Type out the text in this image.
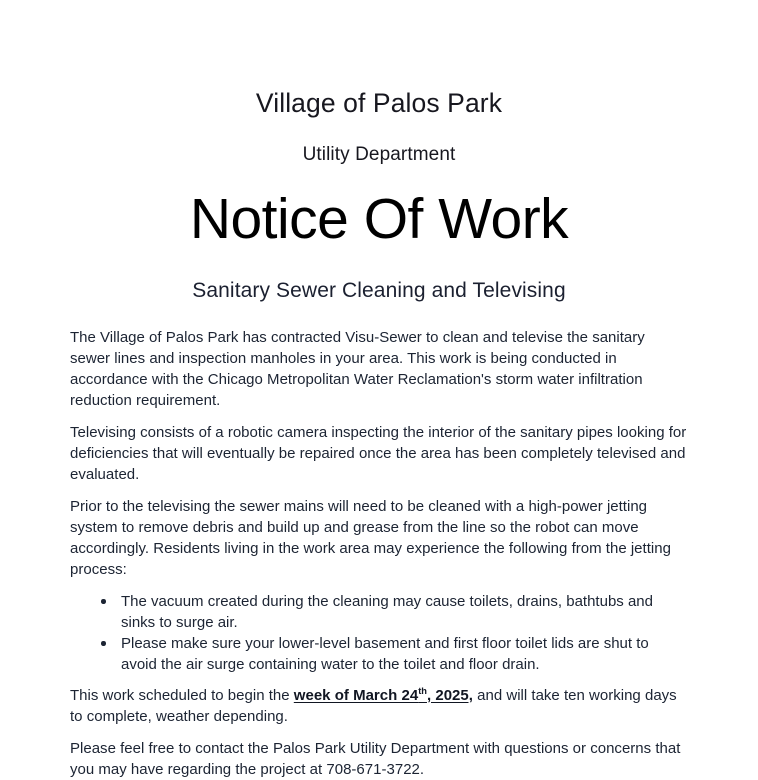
Village of Palos Park
Utility Department
Notice Of Work
Sanitary Sewer Cleaning and Televising

The Village of Palos Park has contracted Visu-Sewer to clean and televise the sanitary sewer lines and inspection manholes in your area. This work is being conducted in accordance with the Chicago Metropolitan Water Reclamation's storm water infiltration reduction requirement.

Televising consists of a robotic camera inspecting the interior of the sanitary pipes looking for deficiencies that will eventually be repaired once the area has been completely televised and evaluated.

Prior to the televising the sewer mains will need to be cleaned with a high-power jetting system to remove debris and build up and grease from the line so the robot can move accordingly. Residents living in the work area may experience the following from the jetting process:

The vacuum created during the cleaning may cause toilets, drains, bathtubs and sinks to surge air.
Please make sure your lower-level basement and first floor toilet lids are shut to avoid the air surge containing water to the toilet and floor drain.

This work scheduled to begin the week of March 24th, 2025, and will take ten working days to complete, weather depending.

Please feel free to contact the Palos Park Utility Department with questions or concerns that you may have regarding the project at 708-671-3722.
